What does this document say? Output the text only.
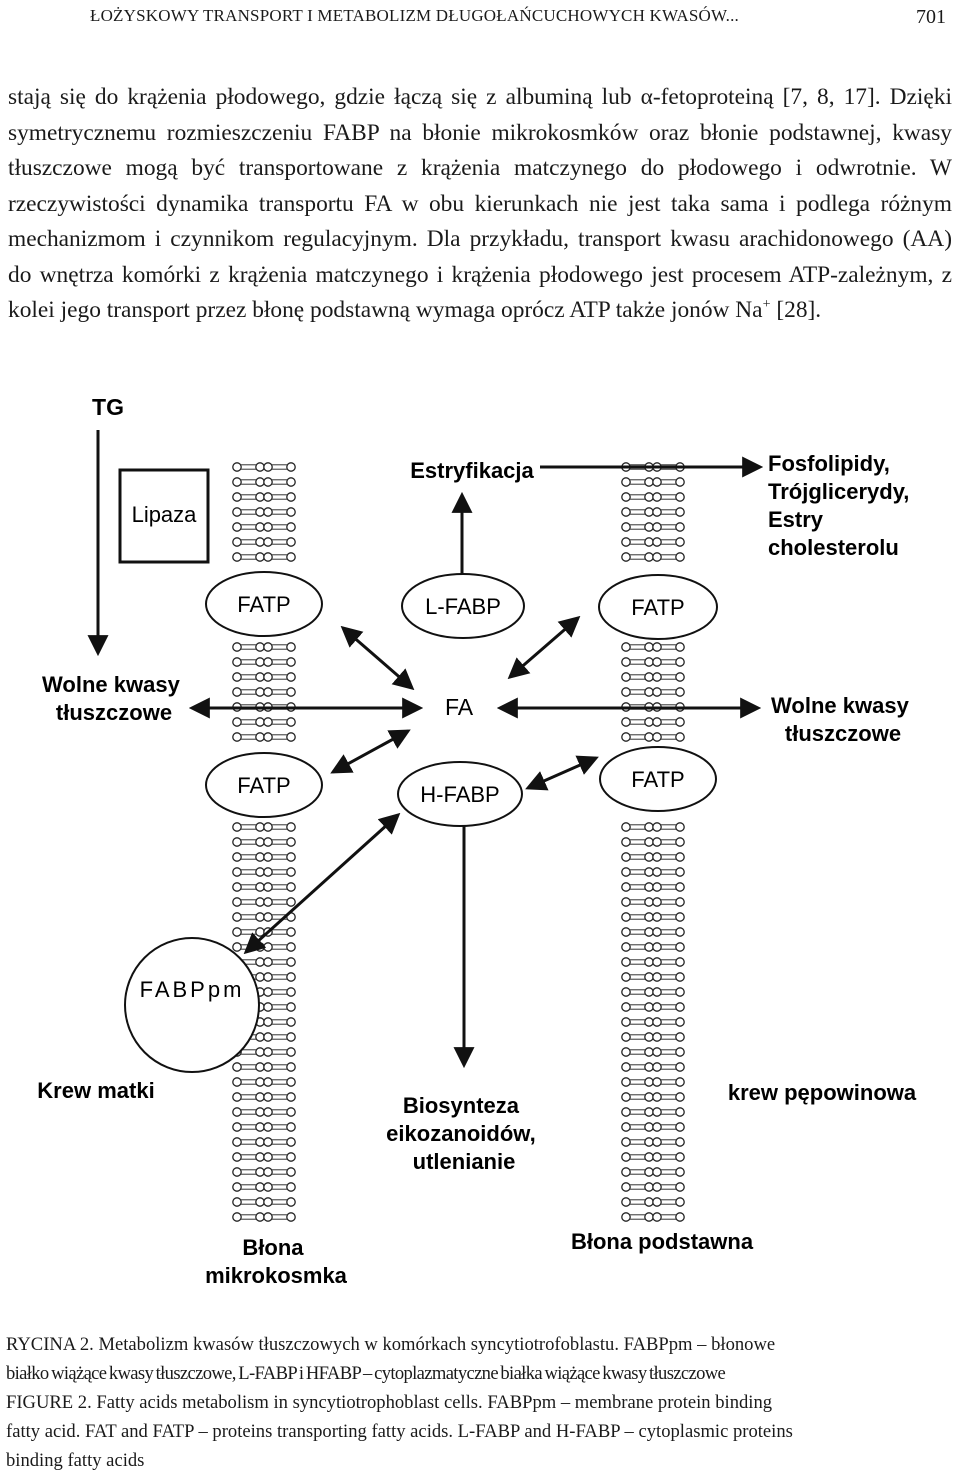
ŁOŻYSKOWY TRANSPORT I METABOLIZM DŁUGOŁAŃCUCHOWYCH KWASÓW...	701

stają się do krążenia płodowego, gdzie łączą się z albuminą lub α-fetoproteiną [7, 8, 17]. Dzięki symetrycznemu rozmieszczeniu FABP na błonie mikrokosmków oraz błonie podstawnej, kwasy tłuszczowe mogą być transportowane z krążenia matczynego do płodowego i odwrotnie. W rzeczywistości dynamika transportu FA w obu kierunkach nie jest taka sama i podlega różnym mechanizmom i czynnikom regulacyjnym. Dla przykładu, transport kwasu arachidonowego (AA) do wnętrza komórki z krążenia matczynego i krążenia płodowego jest procesem ATP-zależnym, z kolei jego transport przez błonę podstawną wymaga oprócz ATP także jonów Na+ [28].

Lipaza
TG
Estryfikacja	Fosfolipidy, Trójglicerydy, Estry cholesterolu
FATP	L-FABP	FATP
FATP	H-FABP
FATP
FABPpm
FA
Wolne kwasy tłuszczowe	Wolne kwasy tłuszczowe
Krew matki	krew pępowinowa
Biosynteza eikozanoidów, utlenianie
Błona mikrokosmka
Błona podstawna
RYCINA 2. Metabolizm kwasów tłuszczowych w komórkach syncytiotrofoblastu. FABPpm – błonowe
białko wiążące kwasy tłuszczowe, L-FABP i HFABP – cytoplazmatyczne białka wiążące kwasy tłuszczowe
FIGURE 2. Fatty acids metabolism in syncytiotrophoblast cells. FABPpm – membrane protein binding
fatty acid. FAT and FATP – proteins transporting fatty acids. L-FABP and H-FABP – cytoplasmic proteins
binding fatty acids
